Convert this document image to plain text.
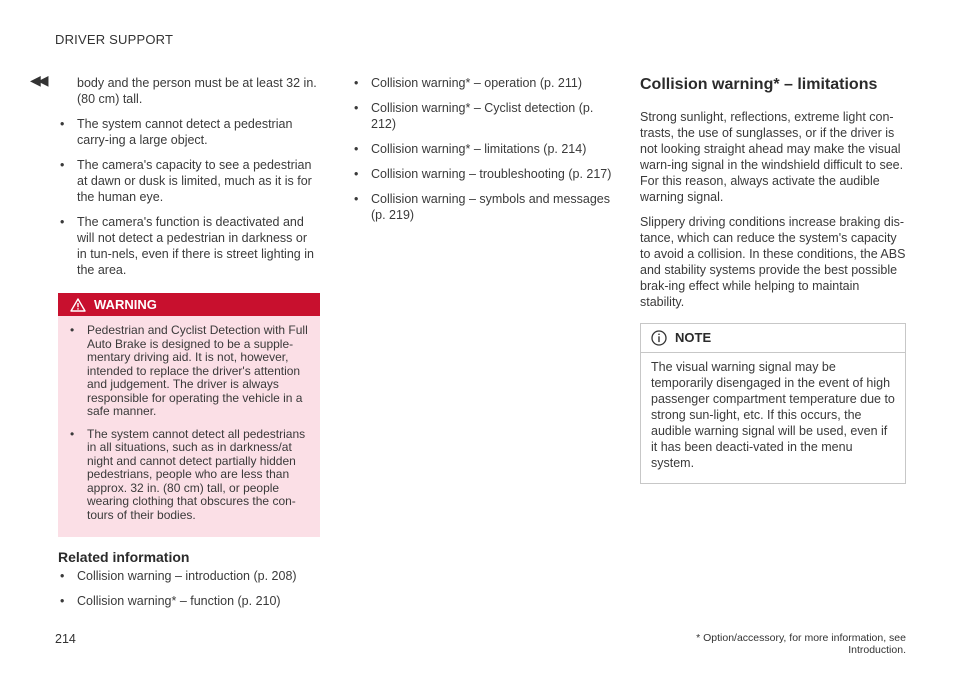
DRIVER SUPPORT
◀◀	body and the person must be at least 32 in. (80 cm) tall.

• The system cannot detect a pedestrian carry-ing a large object.
• The camera's capacity to see a pedestrian at dawn or dusk is limited, much as it is for the human eye.
• The camera's function is deactivated and will not detect a pedestrian in darkness or in tun-nels, even if there is street lighting in the area.
WARNING
• Pedestrian and Cyclist Detection with Full Auto Brake is designed to be a supple-mentary driving aid. It is not, however, intended to replace the driver's attention and judgement. The driver is always responsible for operating the vehicle in a safe manner.
• The system cannot detect all pedestrians in all situations, such as in darkness/at night and cannot detect partially hidden pedestrians, people who are less than approx. 32 in. (80 cm) tall, or people wearing clothing that obscures the con-tours of their bodies.
Related information
• Collision warning – introduction (p. 208)
• Collision warning* – function (p. 210)
• Collision warning* – operation (p. 211)
• Collision warning* – Cyclist detection (p. 212)
• Collision warning* – limitations (p. 214)
• Collision warning – troubleshooting (p. 217)
• Collision warning – symbols and messages (p. 219)
Collision warning* – limitations

Strong sunlight, reflections, extreme light con-trasts, the use of sunglasses, or if the driver is not looking straight ahead may make the visual warn-ing signal in the windshield difficult to see. For this reason, always activate the audible warning signal.

Slippery driving conditions increase braking dis-tance, which can reduce the system's capacity to avoid a collision. In these conditions, the ABS and stability systems provide the best possible brak-ing effect while helping to maintain stability.

NOTE
The visual warning signal may be temporarily disengaged in the event of high passenger compartment temperature due to strong sun-light, etc. If this occurs, the audible warning signal will be used, even if it has been deacti-vated in the menu system.
214	* Option/accessory, for more information, see Introduction.
